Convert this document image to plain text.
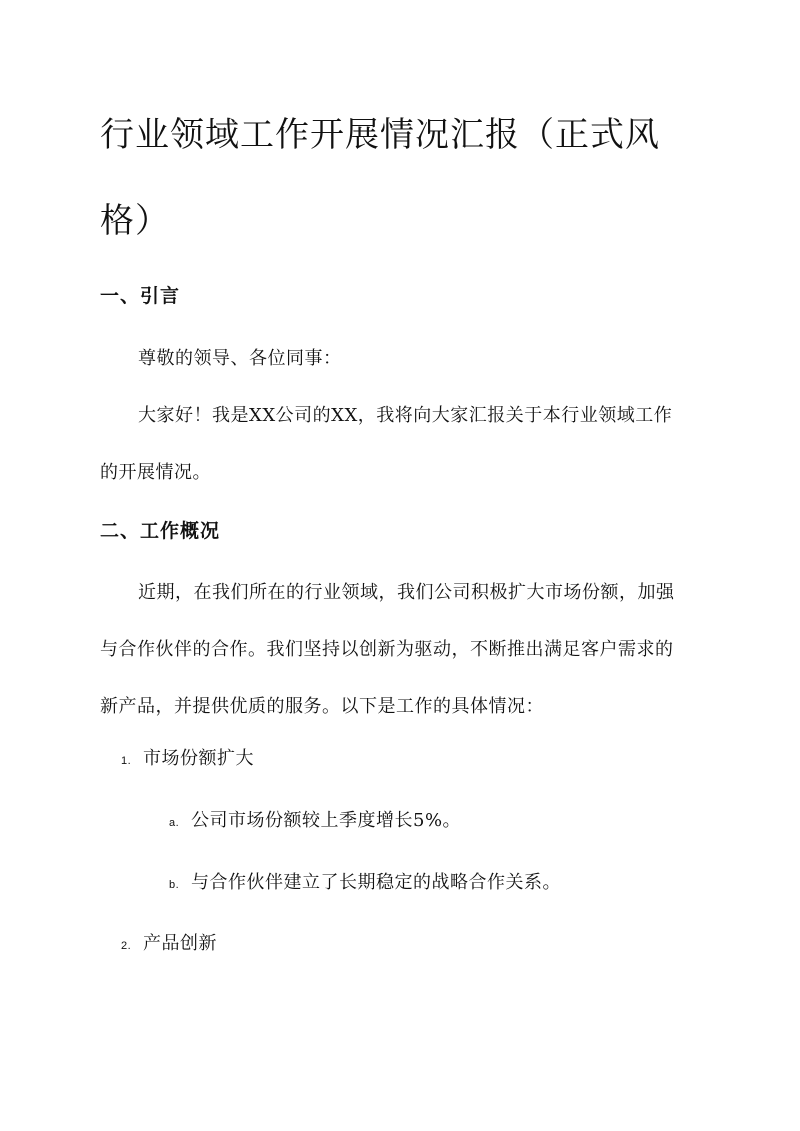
行业领域工作开展情况汇报（正式风格）
一、引言

尊敬的领导、各位同事：

大家好！我是XX公司的XX，我将向大家汇报关于本行业领域工作的开展情况。

二、工作概况

近期，在我们所在的行业领域，我们公司积极扩大市场份额，加强与合作伙伴的合作。我们坚持以创新为驱动，不断推出满足客户需求的新产品，并提供优质的服务。以下是工作的具体情况：

1. 市场份额扩大
a. 公司市场份额较上季度增长5%。
b. 与合作伙伴建立了长期稳定的战略合作关系。
2. 产品创新
